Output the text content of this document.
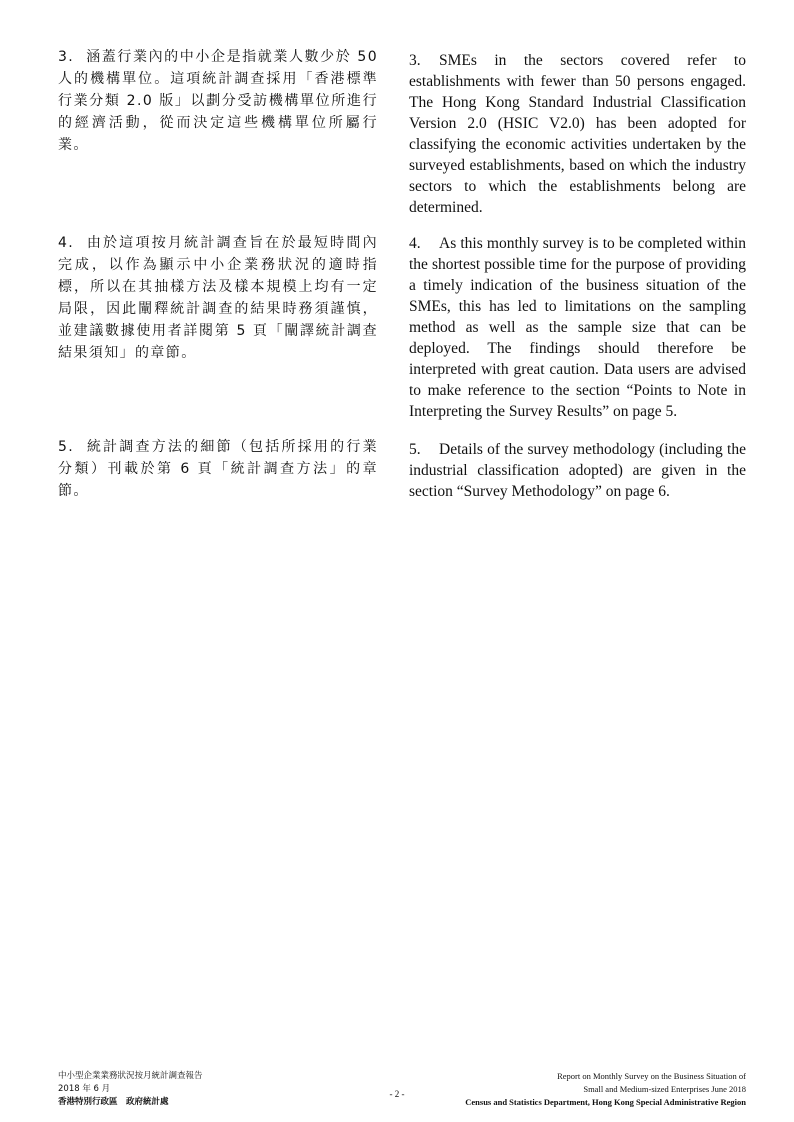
3. 涵蓋行業內的中小企是指就業人數少於 50 人的機構單位。這項統計調查採用「香港標準行業分類 2.0 版」以劃分受訪機構單位所進行的經濟活動，從而決定這些機構單位所屬行業。
3. SMEs in the sectors covered refer to establishments with fewer than 50 persons engaged. The Hong Kong Standard Industrial Classification Version 2.0 (HSIC V2.0) has been adopted for classifying the economic activities undertaken by the surveyed establishments, based on which the industry sectors to which the establishments belong are determined.
4. 由於這項按月統計調查旨在於最短時間內完成，以作為顯示中小企業務狀況的適時指標，所以在其抽樣方法及樣本規模上均有一定局限，因此闡釋統計調查的結果時務須謹慎，並建議數據使用者詳閱第 5 頁「闡譯統計調查結果須知」的章節。
4. As this monthly survey is to be completed within the shortest possible time for the purpose of providing a timely indication of the business situation of the SMEs, this has led to limitations on the sampling method as well as the sample size that can be deployed. The findings should therefore be interpreted with great caution. Data users are advised to make reference to the section “Points to Note in Interpreting the Survey Results” on page 5.
5. 統計調查方法的細節（包括所採用的行業分類）刊載於第 6 頁「統計調查方法」的章節。
5. Details of the survey methodology (including the industrial classification adopted) are given in the section “Survey Methodology” on page 6.
中小型企業業務狀況按月統計調查報告
2018 年 6 月
香港特別行政區　政府統計處
- 2 -
Report on Monthly Survey on the Business Situation of
Small and Medium-sized Enterprises June 2018
Census and Statistics Department, Hong Kong Special Administrative Region
